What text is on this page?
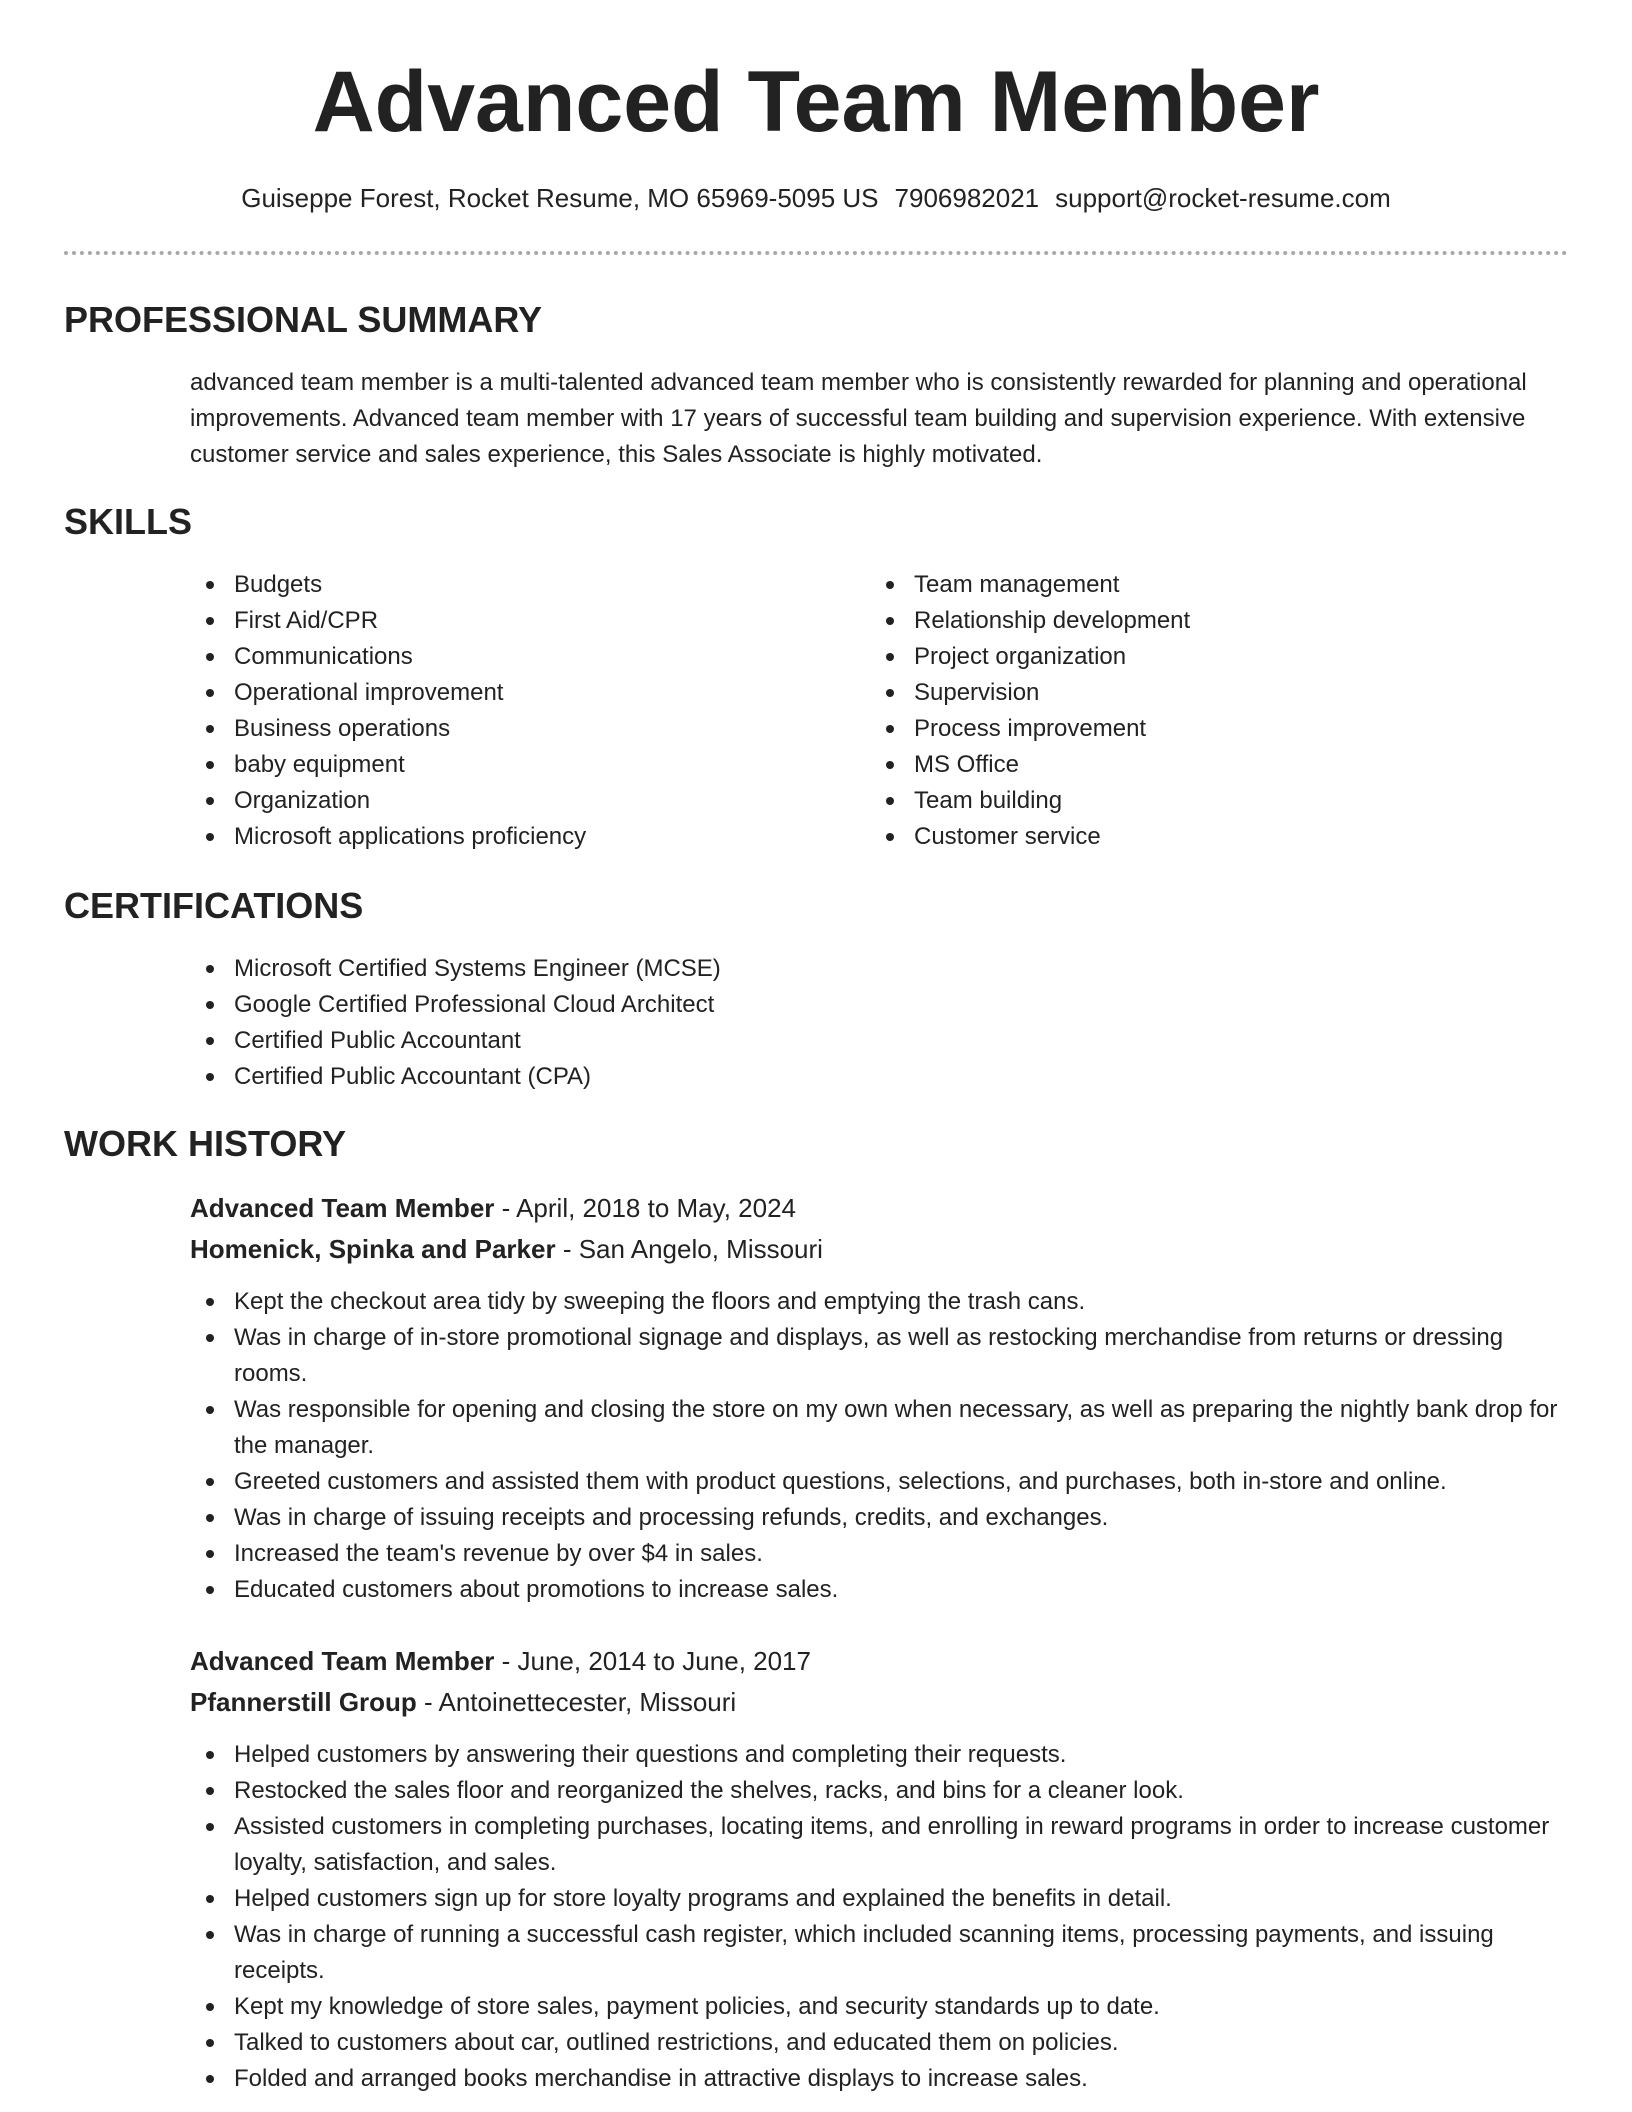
Advanced Team Member
Guiseppe Forest, Rocket Resume, MO 65969-5095 US 7906982021 support@rocket-resume.com
PROFESSIONAL SUMMARY

advanced team member is a multi-talented advanced team member who is consistently rewarded for planning and operational improvements. Advanced team member with 17 years of successful team building and supervision experience. With extensive customer service and sales experience, this Sales Associate is highly motivated.

SKILLS
Budgets
First Aid/CPR
Communications
Operational improvement
Business operations
baby equipment
Organization
Microsoft applications proficiency
Team management
Relationship development
Project organization
Supervision
Process improvement
MS Office
Team building
Customer service
CERTIFICATIONS
Microsoft Certified Systems Engineer (MCSE)
Google Certified Professional Cloud Architect
Certified Public Accountant
Certified Public Accountant (CPA)
WORK HISTORY
Advanced Team Member - April, 2018 to May, 2024
Homenick, Spinka and Parker - San Angelo, Missouri
Kept the checkout area tidy by sweeping the floors and emptying the trash cans.
Was in charge of in-store promotional signage and displays, as well as restocking merchandise from returns or dressing rooms.
Was responsible for opening and closing the store on my own when necessary, as well as preparing the nightly bank drop for the manager.
Greeted customers and assisted them with product questions, selections, and purchases, both in-store and online.
Was in charge of issuing receipts and processing refunds, credits, and exchanges.
Increased the team's revenue by over $4 in sales.
Educated customers about promotions to increase sales.
Advanced Team Member - June, 2014 to June, 2017
Pfannerstill Group - Antoinettecester, Missouri
Helped customers by answering their questions and completing their requests.
Restocked the sales floor and reorganized the shelves, racks, and bins for a cleaner look.
Assisted customers in completing purchases, locating items, and enrolling in reward programs in order to increase customer loyalty, satisfaction, and sales.
Helped customers sign up for store loyalty programs and explained the benefits in detail.
Was in charge of running a successful cash register, which included scanning items, processing payments, and issuing receipts.
Kept my knowledge of store sales, payment policies, and security standards up to date.
Talked to customers about car, outlined restrictions, and educated them on policies.
Folded and arranged books merchandise in attractive displays to increase sales.
